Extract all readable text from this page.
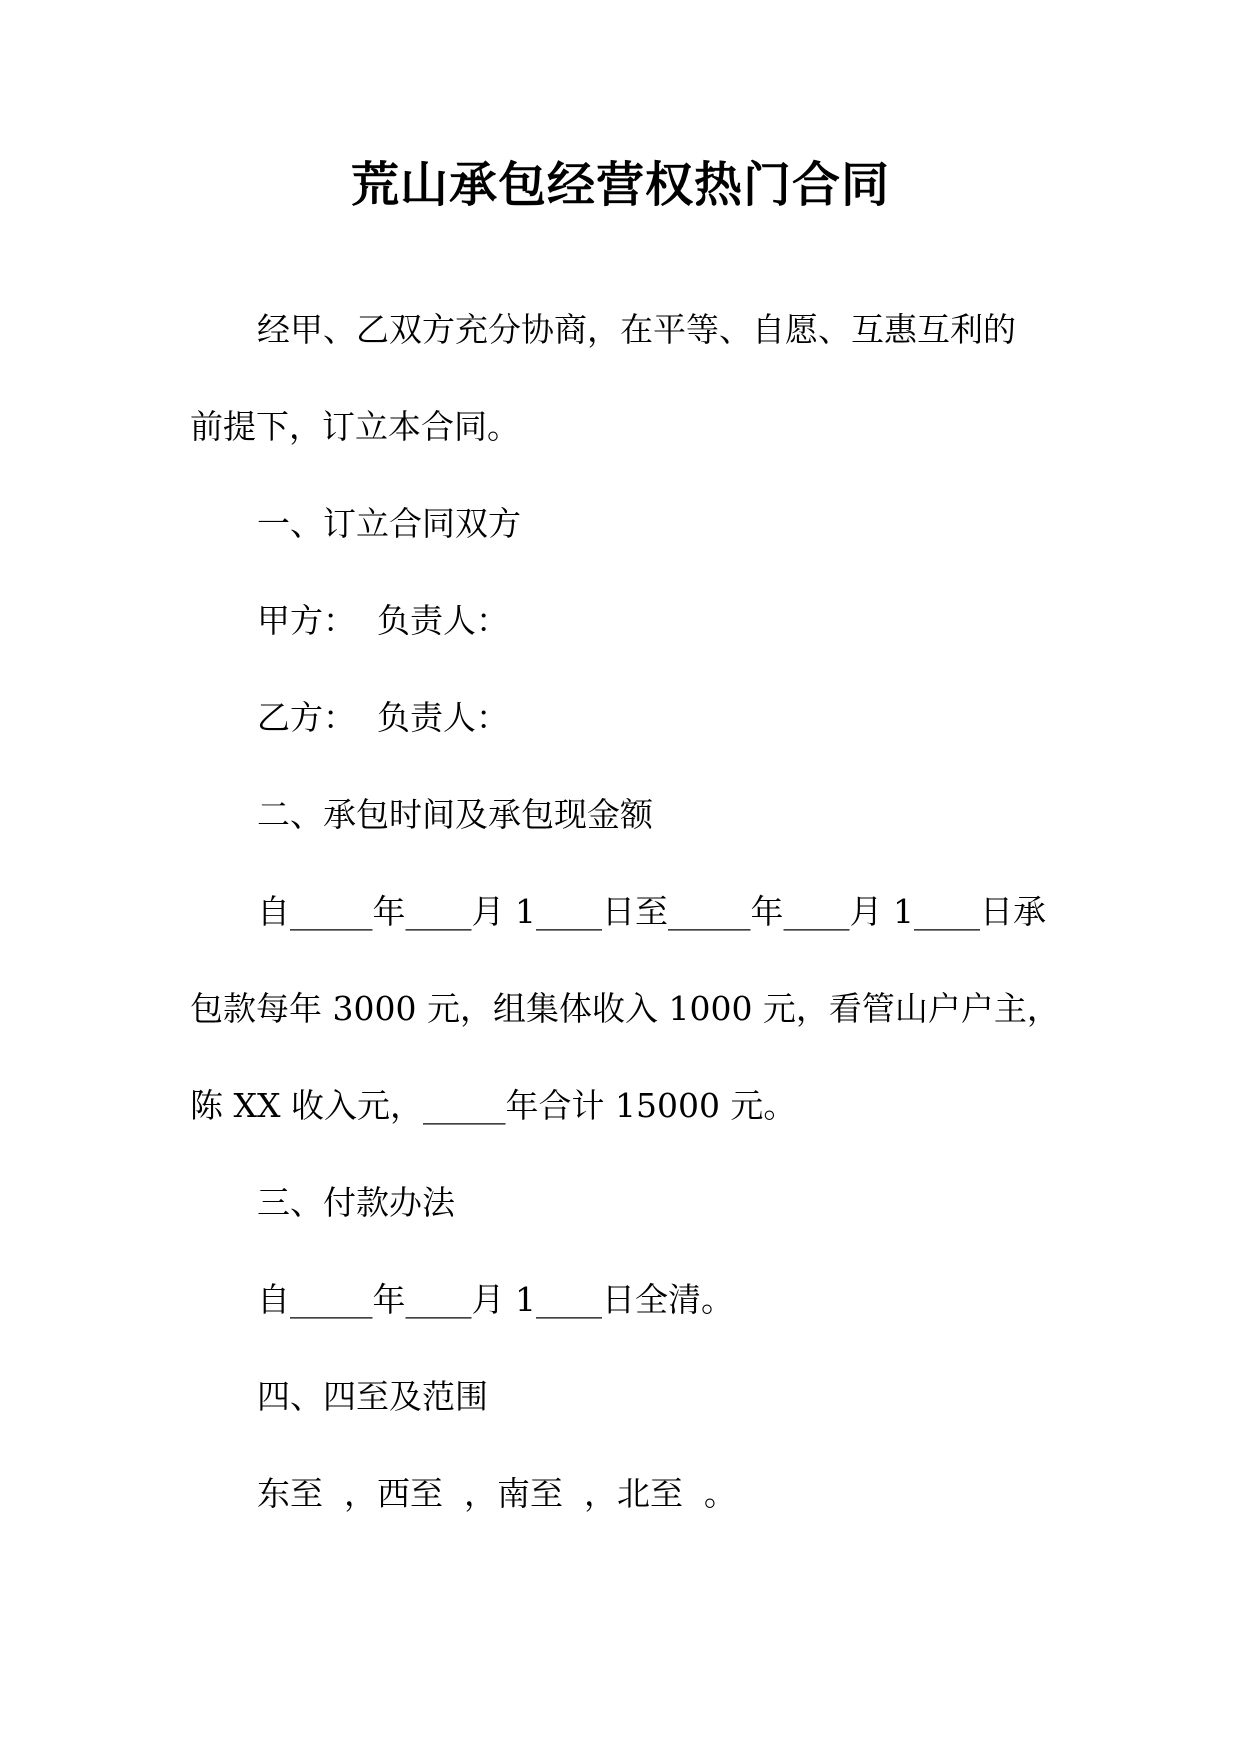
荒山承包经营权热门合同
经甲、乙双方充分协商，在平等、自愿、互惠互利的
前提下，订立本合同。
一、订立合同双方
甲方：  负责人：
乙方：  负责人：
二、承包时间及承包现金额
自_____年____月 1____日至_____年____月 1____日承
包款每年 3000 元，组集体收入 1000 元，看管山户户主，
陈 XX 收入元，_____年合计 15000 元。
三、付款办法
自_____年____月 1____日全清。
四、四至及范围
东至  ，西至  ，南至  ，北至  。
